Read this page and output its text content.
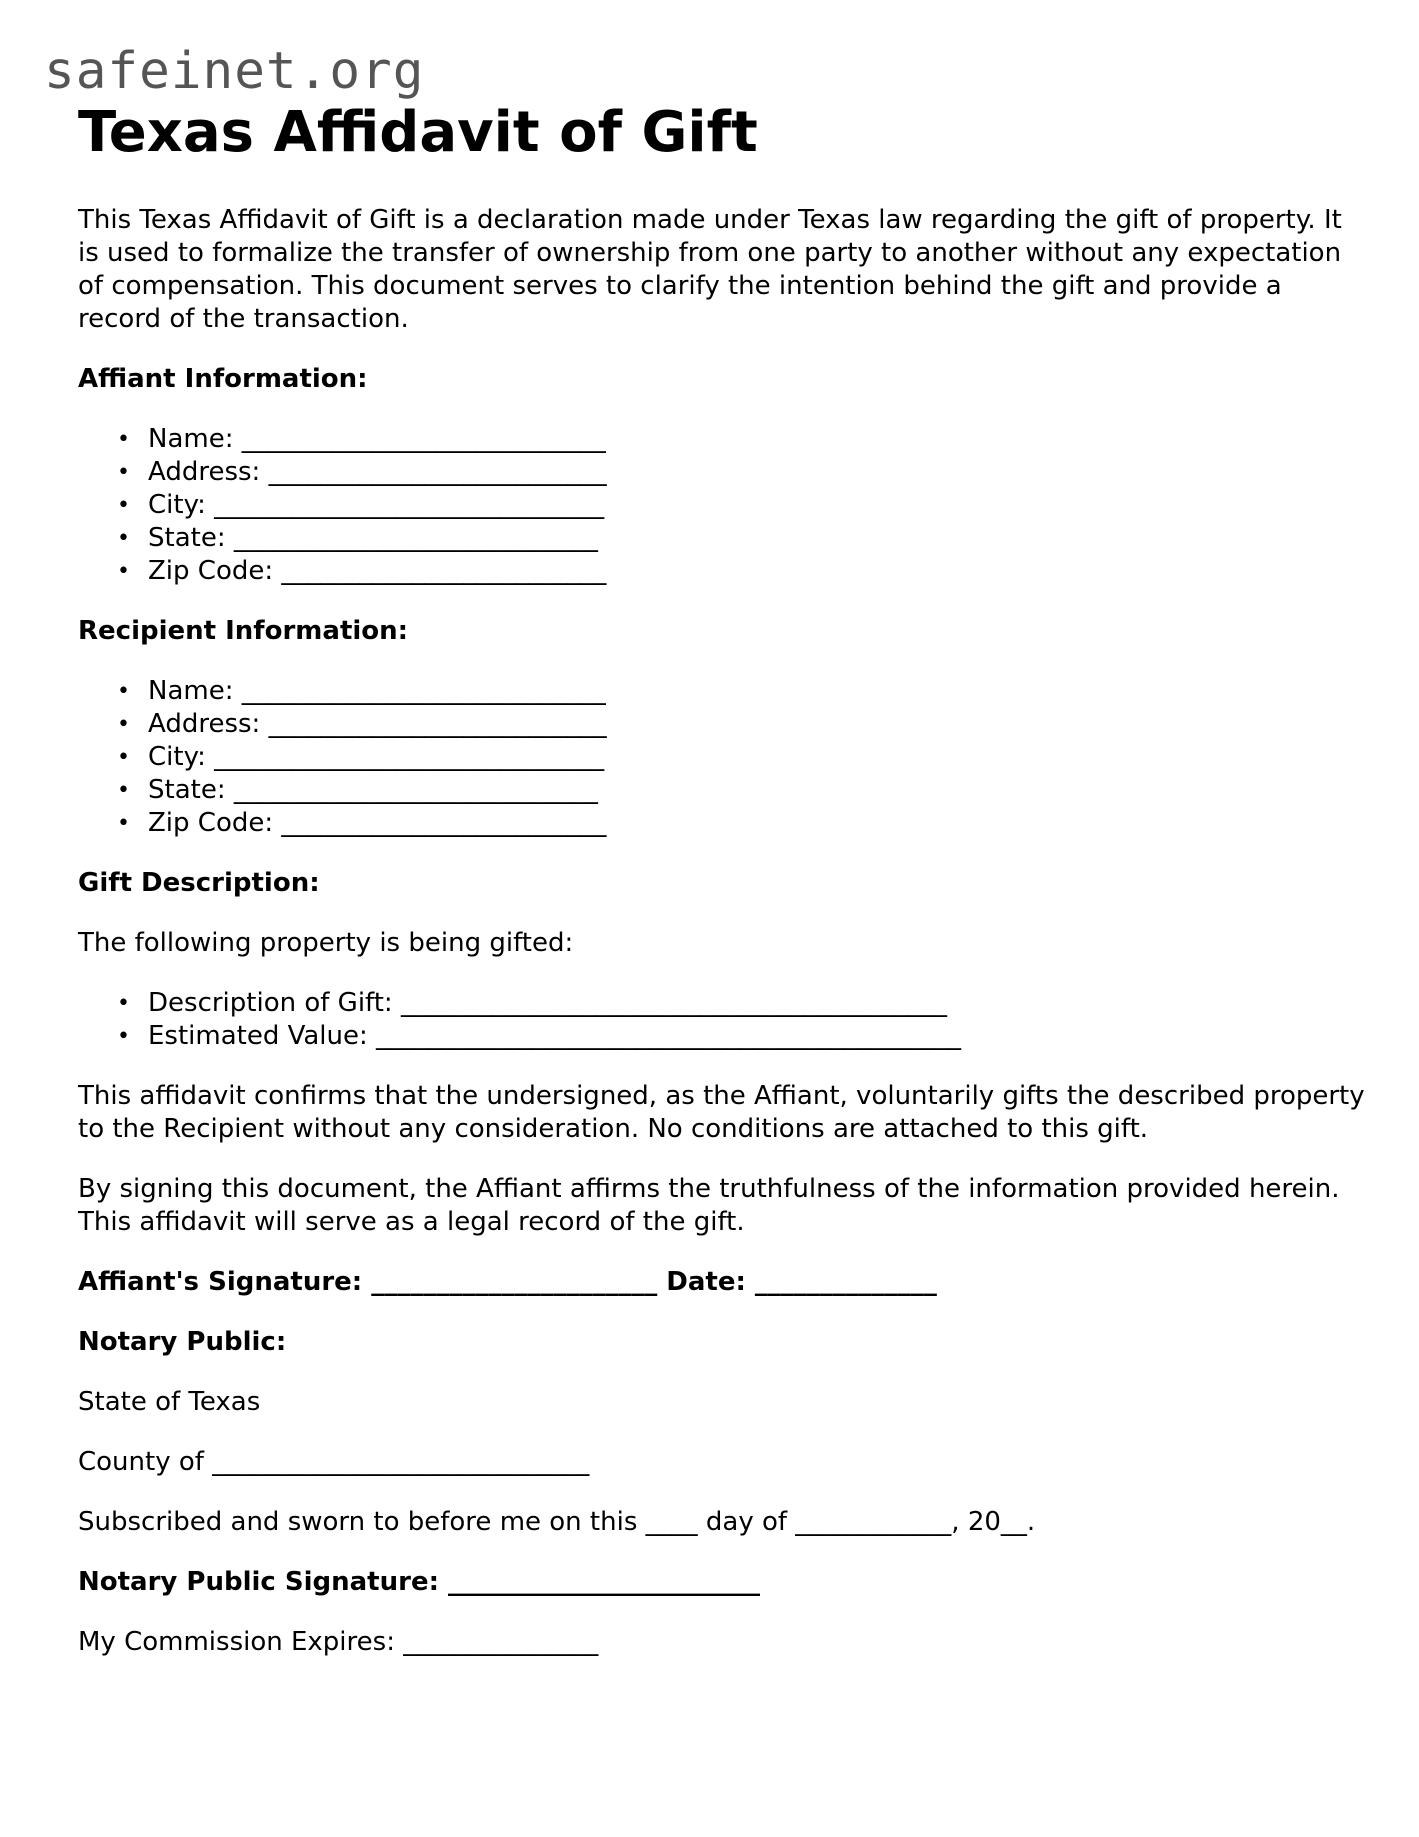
safeinet.org
Texas Affidavit of Gift

This Texas Affidavit of Gift is a declaration made under Texas law regarding the gift of property. It is used to formalize the transfer of ownership from one party to another without any expectation of compensation. This document serves to clarify the intention behind the gift and provide a record of the transaction.

Affiant Information:
• Name: ____________________________
• Address: __________________________
• City: ______________________________
• State: ____________________________
• Zip Code: _________________________
Recipient Information:
• Name: ____________________________
• Address: __________________________
• City: ______________________________
• State: ____________________________
• Zip Code: _________________________
Gift Description:

The following property is being gifted:

• Description of Gift: __________________________________________
• Estimated Value: _____________________________________________

This affidavit confirms that the undersigned, as the Affiant, voluntarily gifts the described property to the Recipient without any consideration. No conditions are attached to this gift.

By signing this document, the Affiant affirms the truthfulness of the information provided herein. This affidavit will serve as a legal record of the gift.

Affiant's Signature: ______________________ Date: ______________

Notary Public:

State of Texas

County of _____________________________

Subscribed and sworn to before me on this ____ day of ____________, 20__.

Notary Public Signature: ________________________

My Commission Expires: _______________
